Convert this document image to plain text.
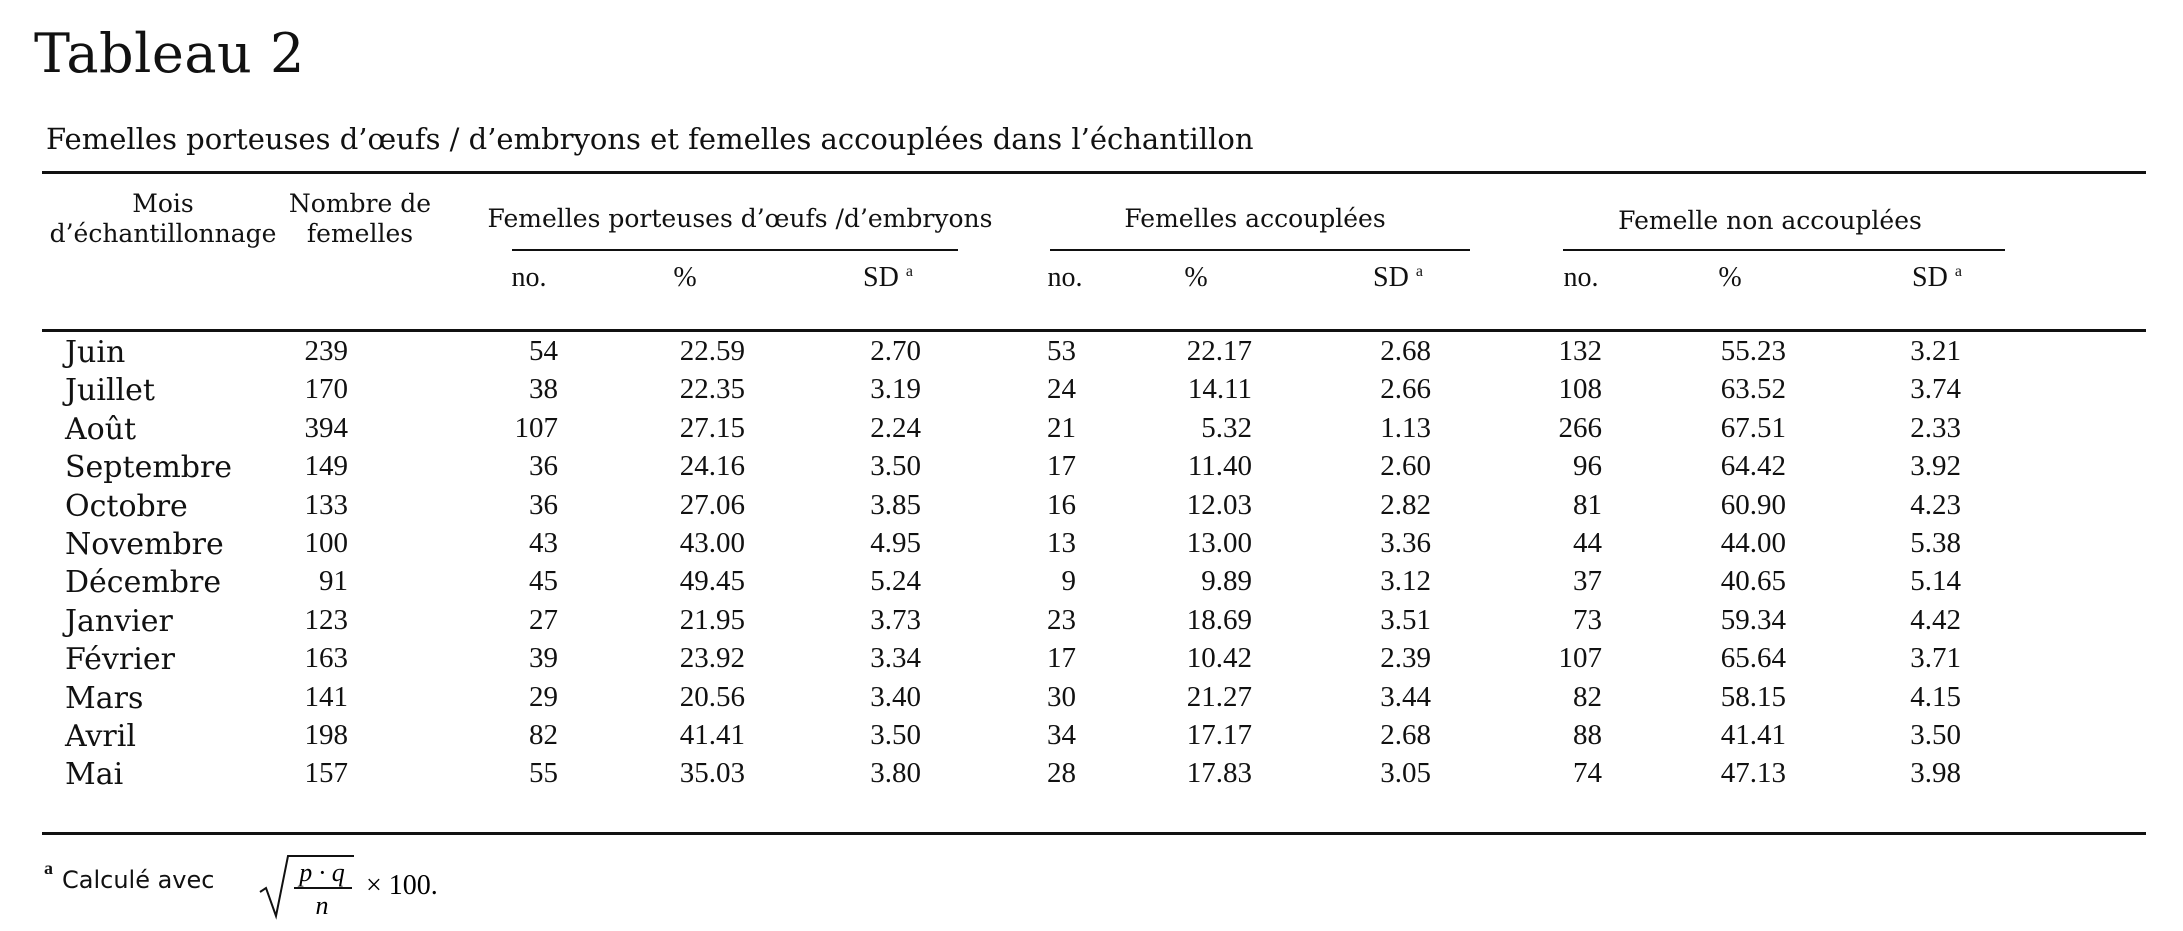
Tableau 2
Femelles porteuses d’œufs / d’embryons et femelles accouplées dans l’échantillon
Mois
d’échantillonnage
Nombre de
femelles
Femelles porteuses d’œufs /d’embryons	Femelles accouplées	Femelle non accouplées
no.	%	SD $^a$	no.	%	SD $^a$	no.	%	SD $^a$
Juin	239	54	22.59	2.70	53	22.17	2.68	132	55.23	3.21
Juillet	170	38	22.35	3.19	24	14.11	2.66	108	63.52	3.74
Août	394	107	27.15	2.24	21	5.32	1.13	266	67.51	2.33
Septembre	149	36	24.16	3.50	17	11.40	2.60	96	64.42	3.92
Octobre	133	36	27.06	3.85	16	12.03	2.82	81	60.90	4.23
Novembre	100	43	43.00	4.95	13	13.00	3.36	44	44.00	5.38
Décembre	91	45	49.45	5.24	9	9.89	3.12	37	40.65	5.14
Janvier	123	27	21.95	3.73	23	18.69	3.51	73	59.34	4.42
Février	163	39	23.92	3.34	17	10.42	2.39	107	65.64	3.71
Mars	141	29	20.56	3.40	30	21.27	3.44	82	58.15	4.15
Avril	198	82	41.41	3.50	34	17.17	2.68	88	41.41	3.50
Mai	157	55	35.03	3.80	28	17.83	3.05	74	47.13	3.98
a Calculé avec	p · q
n
× 100.
